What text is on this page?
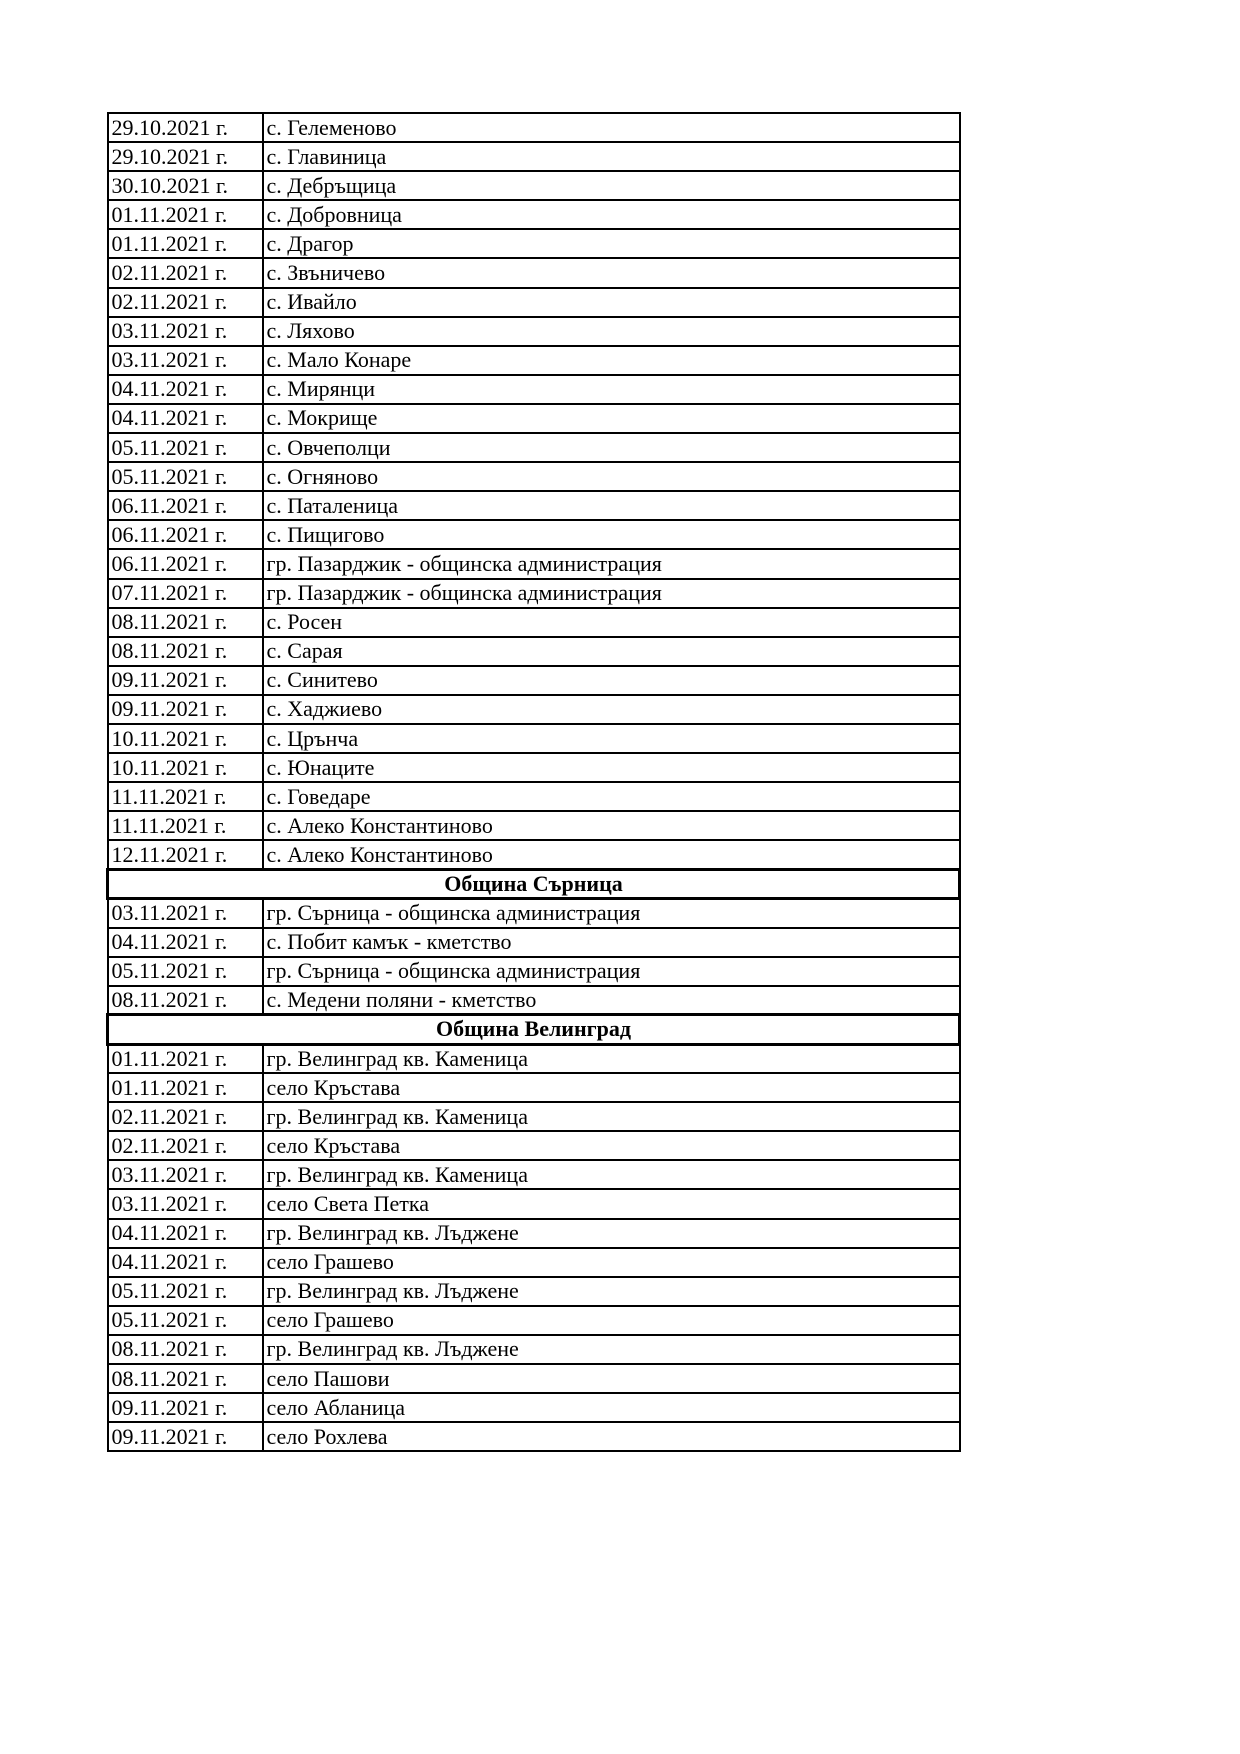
29.10.2021 г.	с. Гелеменово
29.10.2021 г.	с. Главиница
30.10.2021 г.	с. Дебръщица
01.11.2021 г.	с. Добровница
01.11.2021 г.	с. Драгор
02.11.2021 г.	с. Звъничево
02.11.2021 г.	с. Ивайло
03.11.2021 г.	с. Ляхово
03.11.2021 г.	с. Мало Конаре
04.11.2021 г.	с. Мирянци
04.11.2021 г.	с. Мокрище
05.11.2021 г.	с. Овчеполци
05.11.2021 г.	с. Огняново
06.11.2021 г.	с. Паталеница
06.11.2021 г.	с. Пищигово
06.11.2021 г.	гр. Пазарджик - общинска администрация
07.11.2021 г.	гр. Пазарджик - общинска администрация
08.11.2021 г.	с. Росен
08.11.2021 г.	с. Сарая
09.11.2021 г.	с. Синитево
09.11.2021 г.	с. Хаджиево
10.11.2021 г.	с. Црънча
10.11.2021 г.	с. Юнаците
11.11.2021 г.	с. Говедаре
11.11.2021 г.	с. Алеко Константиново
12.11.2021 г.	с. Алеко Константиново
Община Сърница	
03.11.2021 г.	гр. Сърница - общинска администрация
04.11.2021 г.	с. Побит камък - кметство
05.11.2021 г.	гр. Сърница - общинска администрация
08.11.2021 г.	с. Медени поляни - кметство
Община Велинград	
01.11.2021 г.	гр. Велинград кв. Каменица
01.11.2021 г.	село Кръстава
02.11.2021 г.	гр. Велинград кв. Каменица
02.11.2021 г.	село Кръстава
03.11.2021 г.	гр. Велинград кв. Каменица
03.11.2021 г.	село Света Петка
04.11.2021 г.	гр. Велинград кв. Лъджене
04.11.2021 г.	село Грашево
05.11.2021 г.	гр. Велинград кв. Лъджене
05.11.2021 г.	село Грашево
08.11.2021 г.	гр. Велинград кв. Лъджене
08.11.2021 г.	село Пашови
09.11.2021 г.	село Абланица
09.11.2021 г.	село Рохлева
